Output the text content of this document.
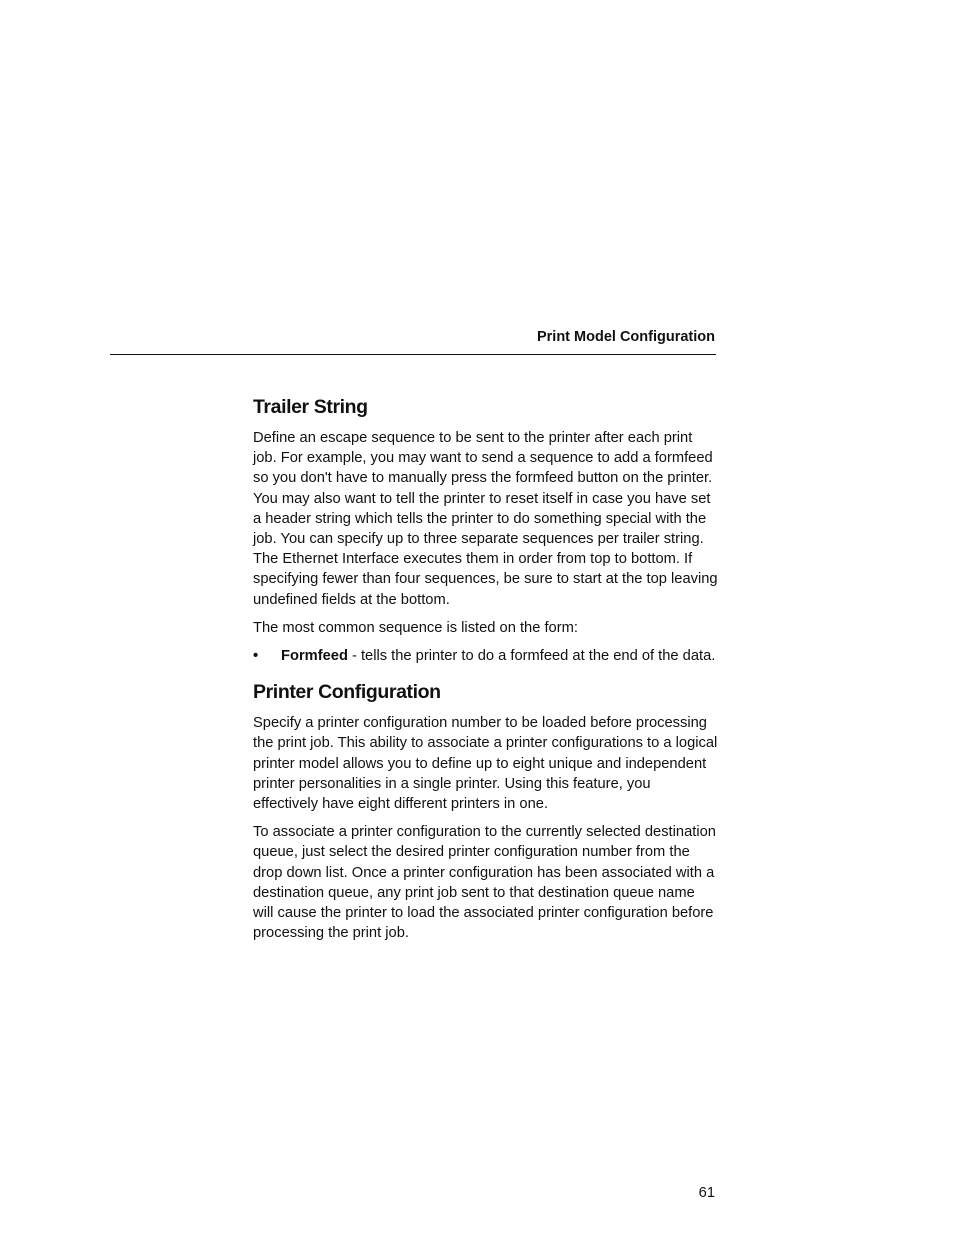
Print Model Configuration
Trailer String

Define an escape sequence to be sent to the printer after each print job. For example, you may want to send a sequence to add a formfeed so you don't have to manually press the formfeed button on the printer. You may also want to tell the printer to reset itself in case you have set a header string which tells the printer to do something special with the job. You can specify up to three separate sequences per trailer string. The Ethernet Interface executes them in order from top to bottom. If specifying fewer than four sequences, be sure to start at the top leaving undefined fields at the bottom.

The most common sequence is listed on the form:

• Formfeed - tells the printer to do a formfeed at the end of the data.
Printer Configuration

Specify a printer configuration number to be loaded before processing the print job. This ability to associate a printer configurations to a logical printer model allows you to define up to eight unique and independent printer personalities in a single printer. Using this feature, you effectively have eight different printers in one.

To associate a printer configuration to the currently selected destination queue, just select the desired printer configuration number from the drop down list. Once a printer configuration has been associated with a destination queue, any print job sent to that destination queue name will cause the printer to load the associated printer configuration before processing the print job.

61
